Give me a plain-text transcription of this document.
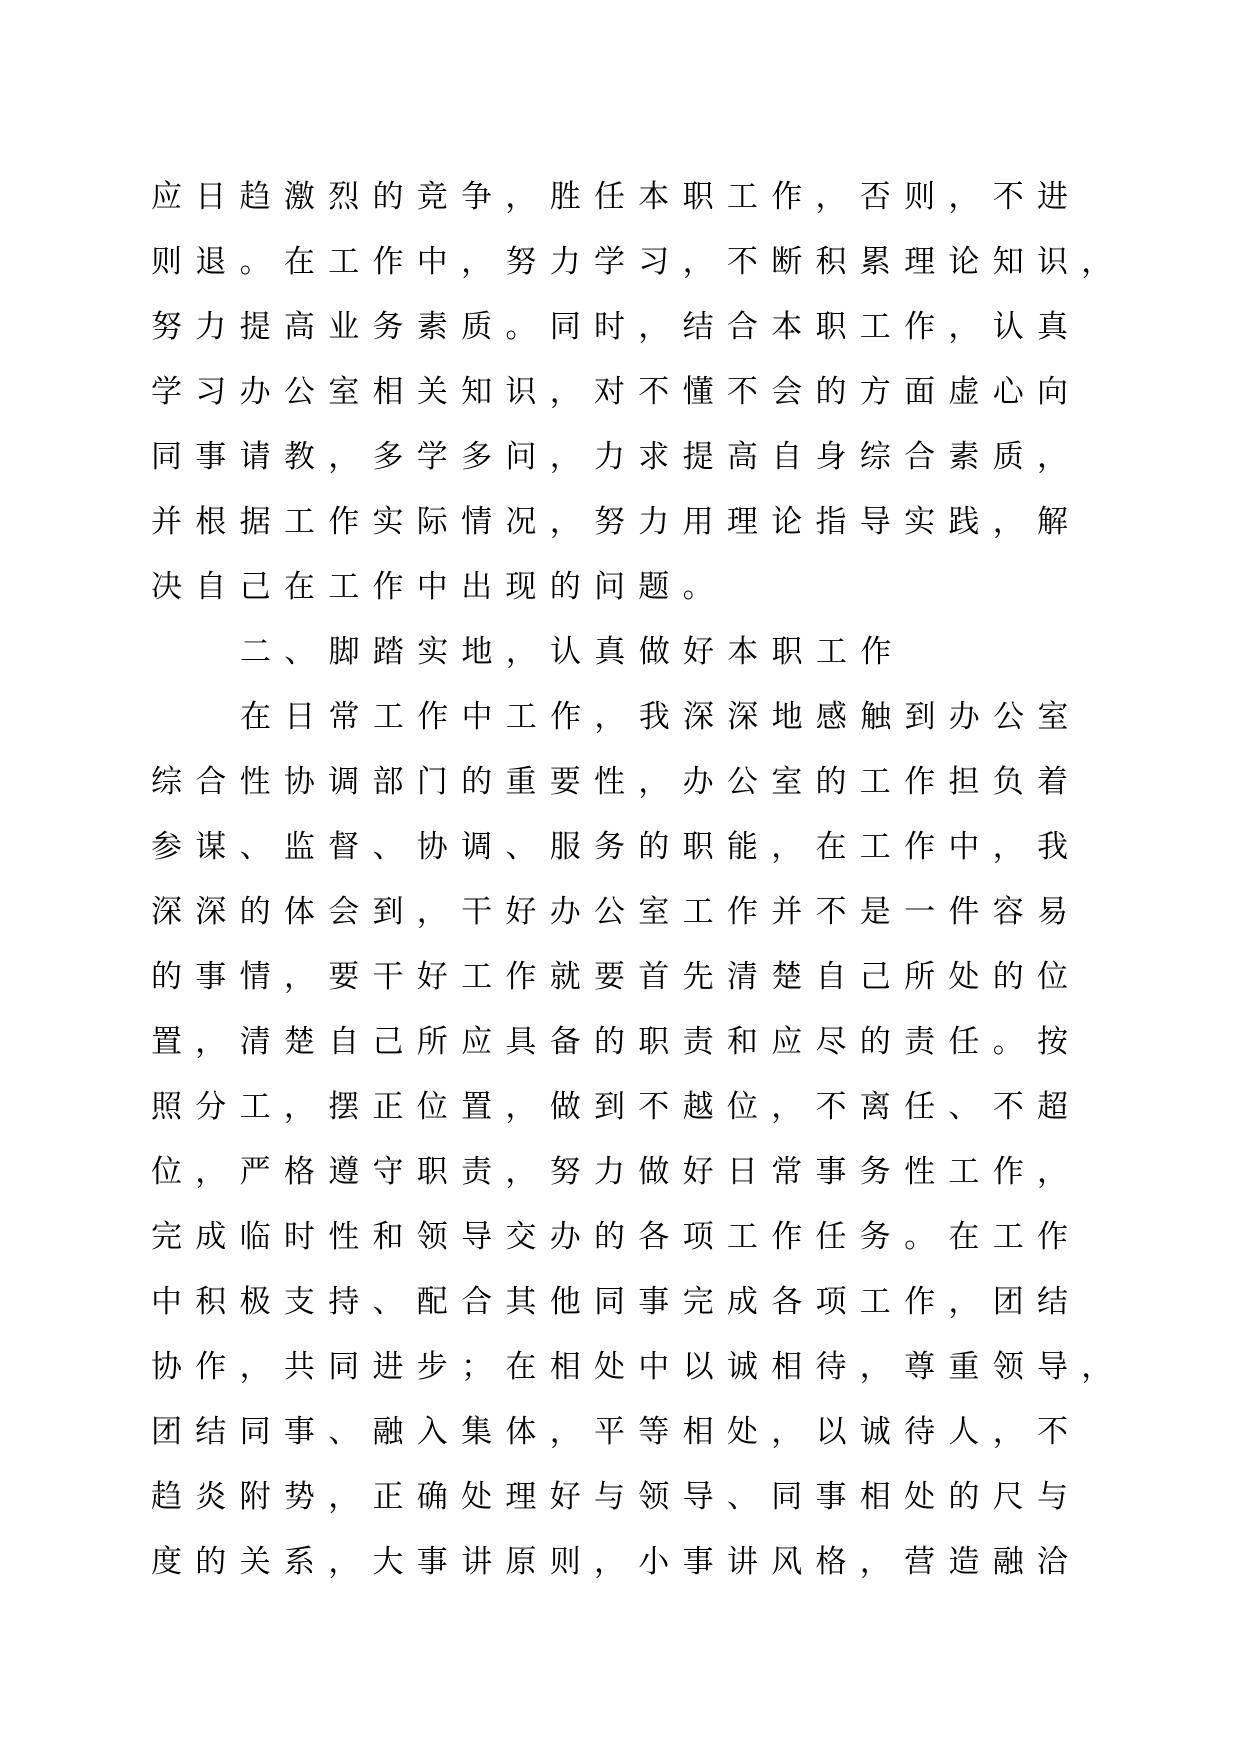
应日趋激烈的竞争，胜任本职工作，否则，不进
则退。在工作中，努力学习，不断积累理论知识，
努力提高业务素质。同时，结合本职工作，认真
学习办公室相关知识，对不懂不会的方面虚心向
同事请教，多学多问，力求提高自身综合素质，
并根据工作实际情况，努力用理论指导实践，解
决自己在工作中出现的问题。
二、脚踏实地，认真做好本职工作
在日常工作中工作，我深深地感触到办公室
综合性协调部门的重要性，办公室的工作担负着
参谋、监督、协调、服务的职能，在工作中，我
深深的体会到，干好办公室工作并不是一件容易
的事情，要干好工作就要首先清楚自己所处的位
置，清楚自己所应具备的职责和应尽的责任。按
照分工，摆正位置，做到不越位，不离任、不超
位，严格遵守职责，努力做好日常事务性工作，
完成临时性和领导交办的各项工作任务。在工作
中积极支持、配合其他同事完成各项工作，团结
协作，共同进步；在相处中以诚相待，尊重领导，
团结同事、融入集体，平等相处，以诚待人，不
趋炎附势，正确处理好与领导、同事相处的尺与
度的关系，大事讲原则，小事讲风格，营造融洽
